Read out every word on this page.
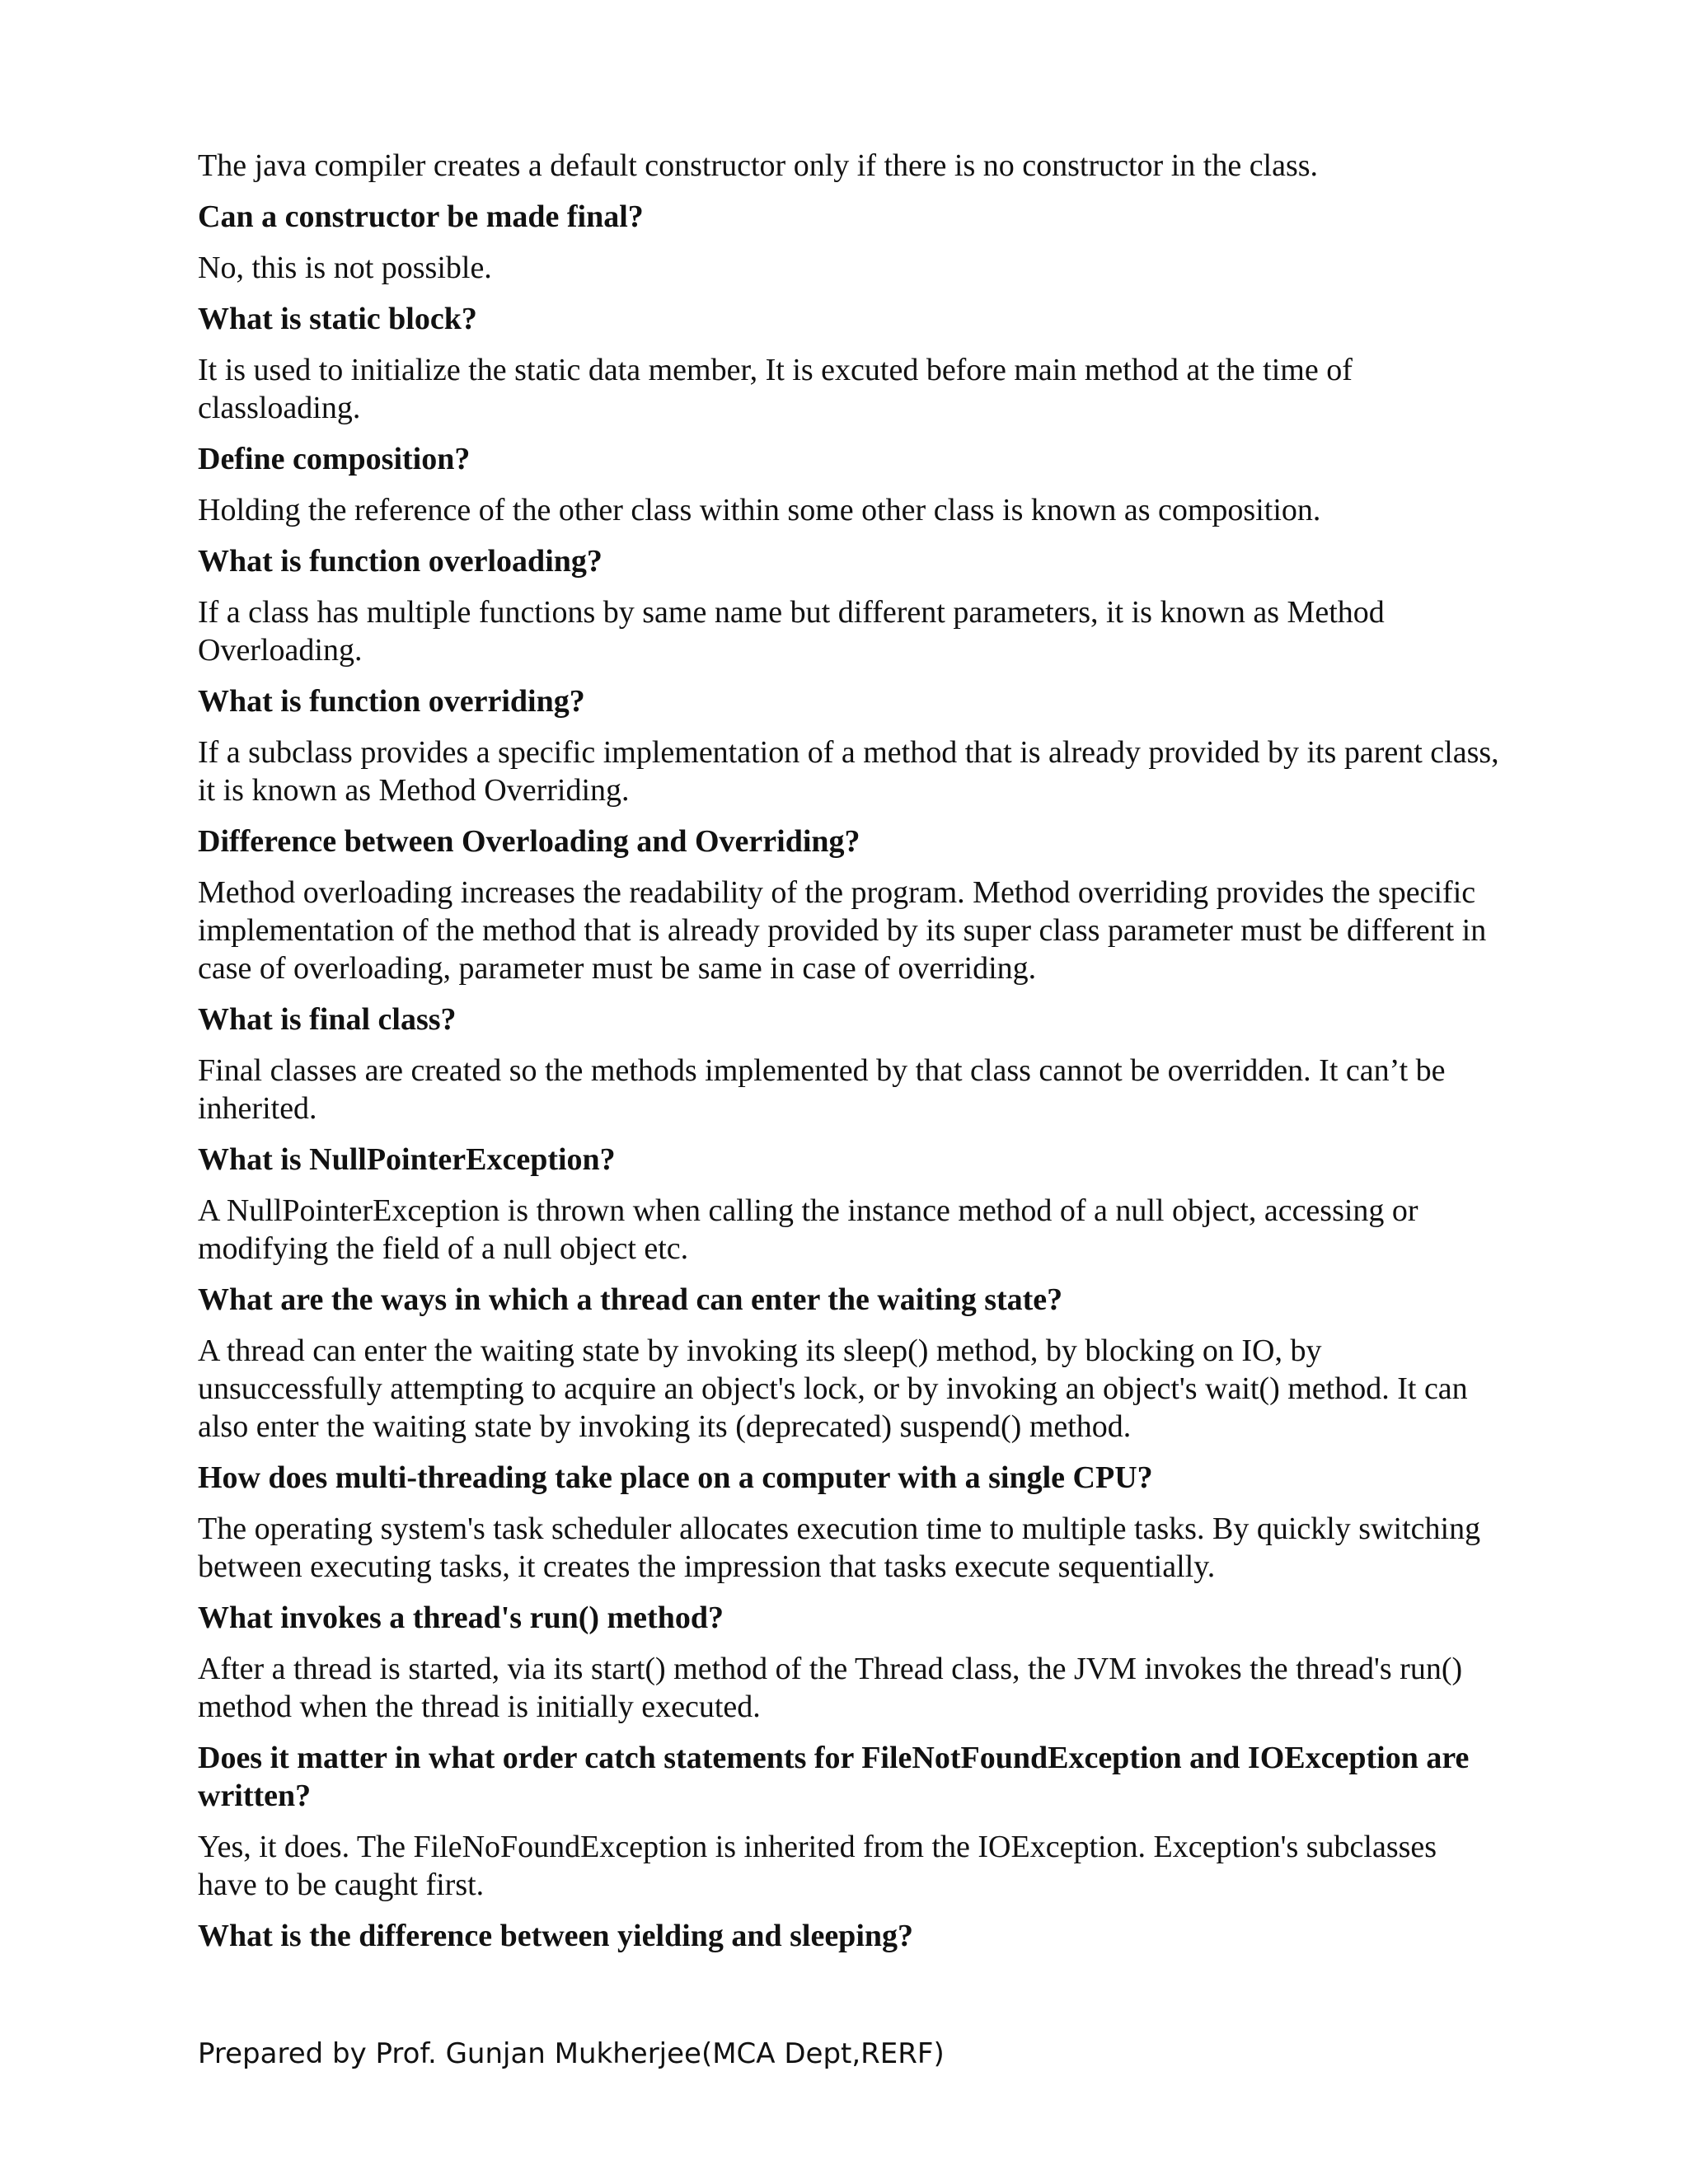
The java compiler creates a default constructor only if there is no constructor in the class.

Can a constructor be made final?

No, this is not possible.

What is static block?

It is used to initialize the static data member, It is excuted before main method at the time of classloading.

Define composition?

Holding the reference of the other class within some other class is known as composition.

What is function overloading?

If a class has multiple functions by same name but different parameters, it is known as Method Overloading.

What is function overriding?

If a subclass provides a specific implementation of a method that is already provided by its parent class, it is known as Method Overriding.

Difference between Overloading and Overriding?

Method overloading increases the readability of the program. Method overriding provides the specific implementation of the method that is already provided by its super class parameter must be different in case of overloading, parameter must be same in case of overriding.

What is final class?

Final classes are created so the methods implemented by that class cannot be overridden. It can’t be inherited.

What is NullPointerException?

A NullPointerException is thrown when calling the instance method of a null object, accessing or modifying the field of a null object etc.

What are the ways in which a thread can enter the waiting state?

A thread can enter the waiting state by invoking its sleep() method, by blocking on IO, by unsuccessfully attempting to acquire an object's lock, or by invoking an object's wait() method. It can also enter the waiting state by invoking its (deprecated) suspend() method.

How does multi-threading take place on a computer with a single CPU?

The operating system's task scheduler allocates execution time to multiple tasks. By quickly switching between executing tasks, it creates the impression that tasks execute sequentially.

What invokes a thread's run() method?

After a thread is started, via its start() method of the Thread class, the JVM invokes the thread's run() method when the thread is initially executed.

Does it matter in what order catch statements for FileNotFoundException and IOException are written?

Yes, it does. The FileNoFoundException is inherited from the IOException. Exception's subclasses have to be caught first.

What is the difference between yielding and sleeping?

Prepared by Prof. Gunjan Mukherjee(MCA Dept,RERF)
